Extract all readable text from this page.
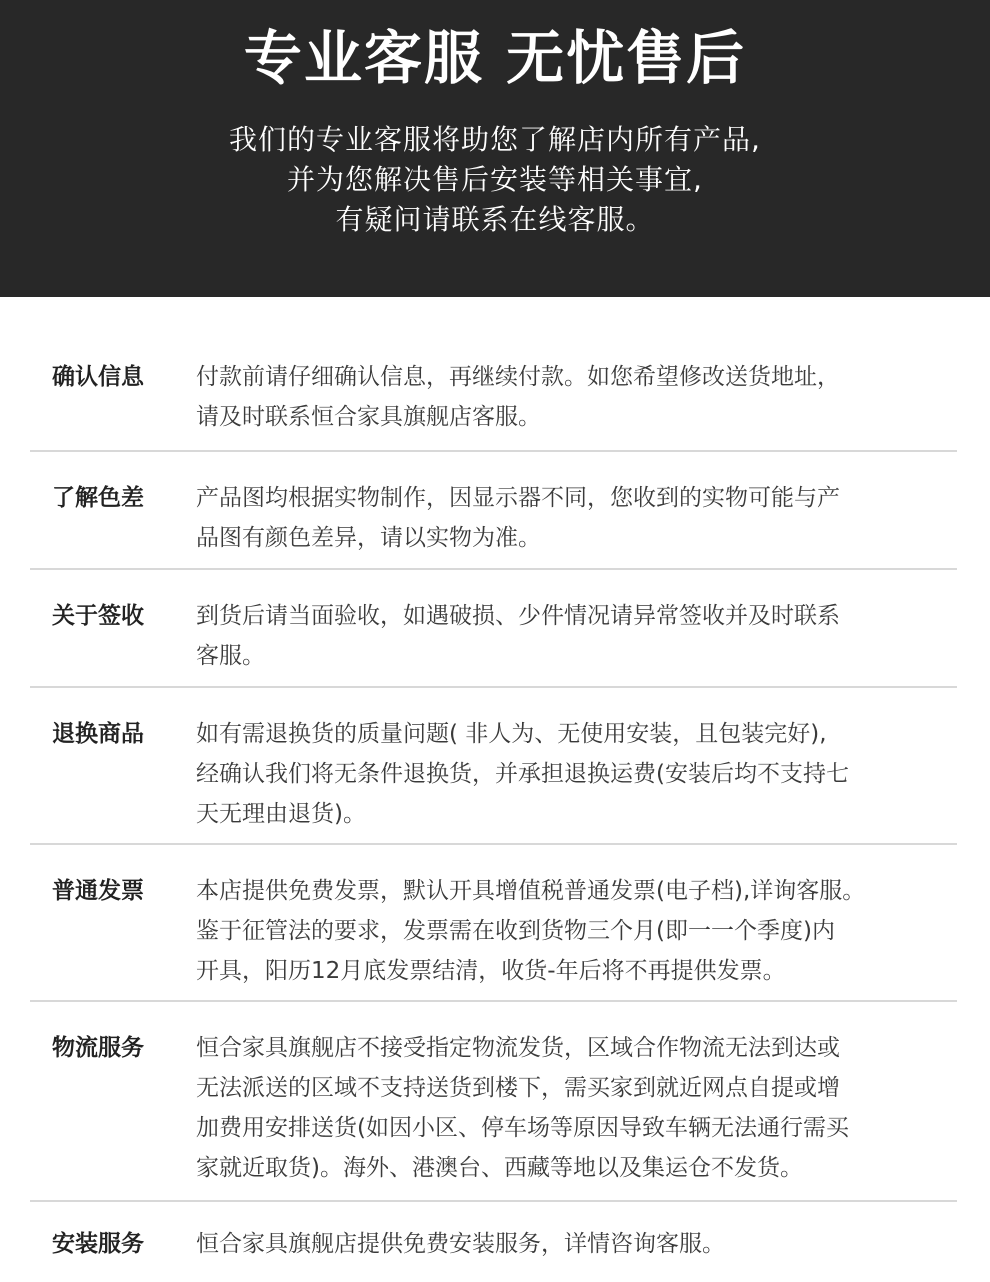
专业客服 无忧售后
我们的专业客服将助您了解店内所有产品,
并为您解决售后安装等相关事宜,
有疑问请联系在线客服。
确认信息 付款前请仔细确认信息，再继续付款。如您希望修改送货地址，
请及时联系恒合家具旗舰店客服。
了解色差 产品图均根据实物制作，因显示器不同，您收到的实物可能与产
品图有颜色差异，请以实物为准。
关于签收 到货后请当面验收，如遇破损、少件情况请异常签收并及时联系
客服。
退换商品 如有需退换货的质量问题( 非人为、无使用安装，且包装完好),
经确认我们将无条件退换货，并承担退换运费(安装后均不支持七
天无理由退货)。
普通发票 本店提供免费发票，默认开具增值税普通发票(电子档),详询客服。
鉴于征管法的要求，发票需在收到货物三个月(即一一个季度)内
开具，阳历12月底发票结清，收货-年后将不再提供发票。
物流服务 恒合家具旗舰店不接受指定物流发货，区域合作物流无法到达或
无法派送的区域不支持送货到楼下，需买家到就近网点自提或增
加费用安排送货(如因小区、停车场等原因导致车辆无法通行需买
家就近取货)。海外、港澳台、西藏等地以及集运仓不发货。
安装服务 恒合家具旗舰店提供免费安装服务，详情咨询客服。
